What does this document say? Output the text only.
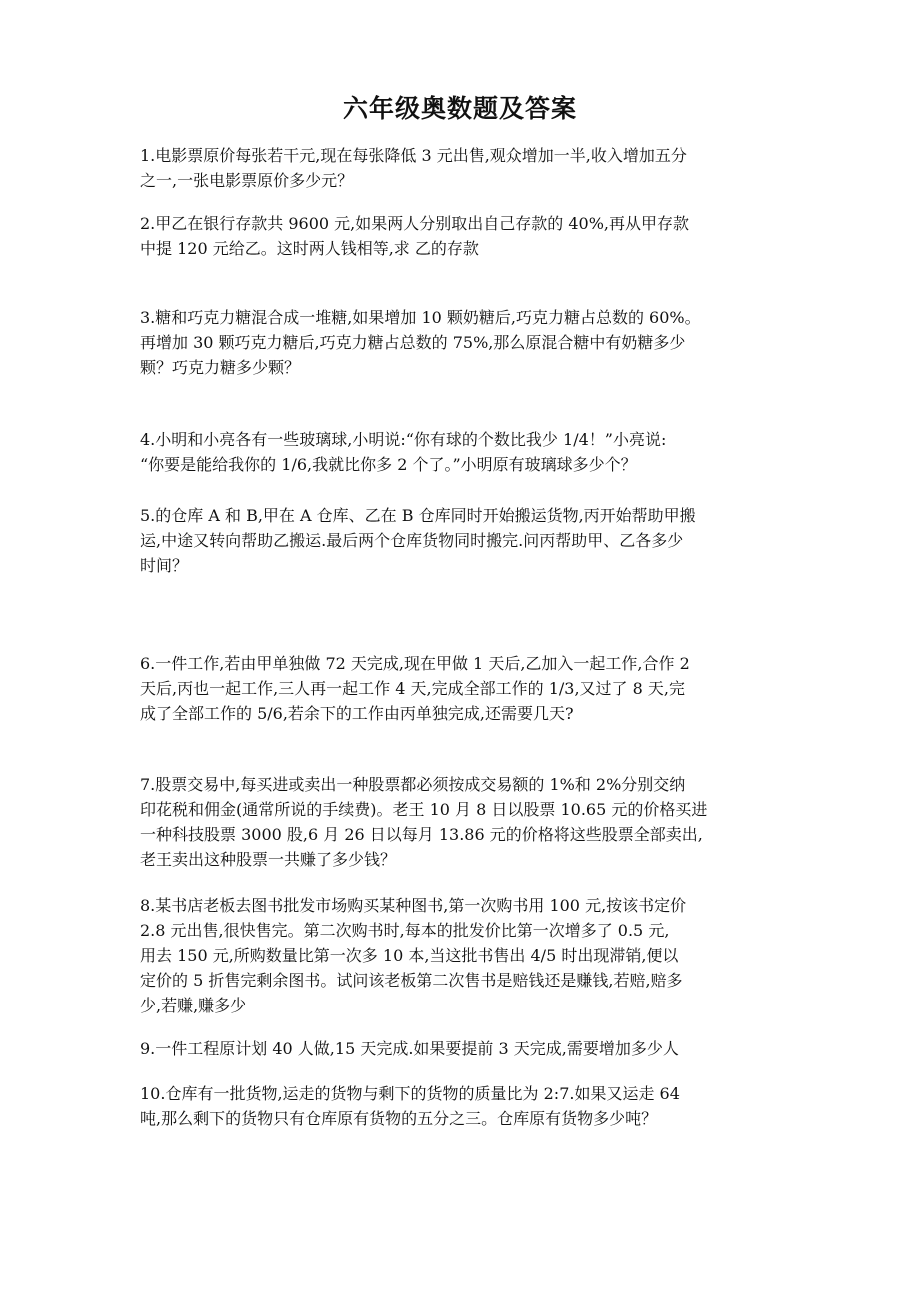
六年级奥数题及答案
1.电影票原价每张若干元,现在每张降低 3 元出售,观众增加一半,收入增加五分
之一,一张电影票原价多少元？
2.甲乙在银行存款共 9600 元,如果两人分别取出自己存款的 40%,再从甲存款
中提 120 元给乙。这时两人钱相等,求 乙的存款
3.糖和巧克力糖混合成一堆糖,如果增加 10 颗奶糖后,巧克力糖占总数的 60%。
再增加 30 颗巧克力糖后,巧克力糖占总数的 75%,那么原混合糖中有奶糖多少
颗？巧克力糖多少颗？
4.小明和小亮各有一些玻璃球,小明说:“你有球的个数比我少 1/4！”小亮说:
“你要是能给我你的 1/6,我就比你多 2 个了。”小明原有玻璃球多少个？
5.的仓库 A 和 B,甲在 A 仓库、乙在 B 仓库同时开始搬运货物,丙开始帮助甲搬
运,中途又转向帮助乙搬运.最后两个仓库货物同时搬完.问丙帮助甲、乙各多少
时间？
6.一件工作,若由甲单独做 72 天完成,现在甲做 1 天后,乙加入一起工作,合作 2
天后,丙也一起工作,三人再一起工作 4 天,完成全部工作的 1/3,又过了 8 天,完
成了全部工作的 5/6,若余下的工作由丙单独完成,还需要几天?
7.股票交易中,每买进或卖出一种股票都必须按成交易额的 1%和 2%分别交纳
印花税和佣金(通常所说的手续费)。老王 10 月 8 日以股票 10.65 元的价格买进
一种科技股票 3000 股,6 月 26 日以每月 13.86 元的价格将这些股票全部卖出,
老王卖出这种股票一共赚了多少钱？
8.某书店老板去图书批发市场购买某种图书,第一次购书用 100 元,按该书定价
2.8 元出售,很快售完。第二次购书时,每本的批发价比第一次增多了 0.5 元,
用去 150 元,所购数量比第一次多 10 本,当这批书售出 4/5 时出现滞销,便以
定价的 5 折售完剩余图书。试问该老板第二次售书是赔钱还是赚钱,若赔,赔多
少,若赚,赚多少
9.一件工程原计划 40 人做,15 天完成.如果要提前 3 天完成,需要增加多少人
10.仓库有一批货物,运走的货物与剩下的货物的质量比为 2:7.如果又运走 64
吨,那么剩下的货物只有仓库原有货物的五分之三。仓库原有货物多少吨？
